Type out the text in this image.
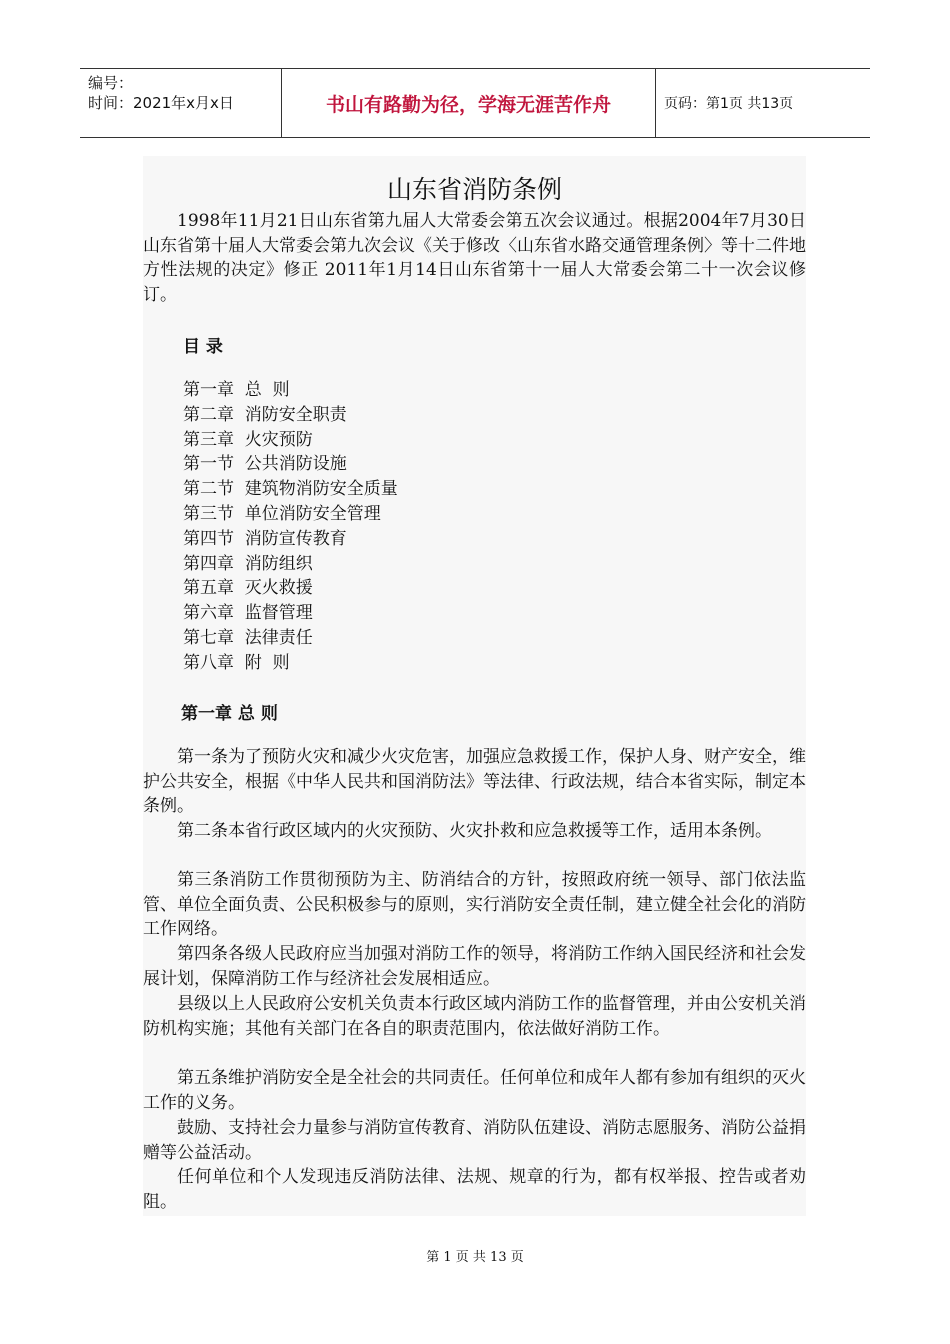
编号：
时间：2021年x月x日	书山有路勤为径，学海无涯苦作舟	页码：第1页 共13页
山东省消防条例

1998年11月21日山东省第九届人大常委会第五次会议通过。根据2004年7月30日山东省第十届人大常委会第九次会议《关于修改〈山东省水路交通管理条例〉等十二件地方性法规的决定》修正 2011年1月14日山东省第十一届人大常委会第二十一次会议修订。

目 录
第一章  总  则
第二章  消防安全职责
第三章  火灾预防
第一节  公共消防设施
第二节  建筑物消防安全质量
第三节  单位消防安全管理
第四节  消防宣传教育
第四章  消防组织
第五章  灭火救援
第六章  监督管理
第七章  法律责任
第八章  附  则
第一章 总 则

第一条为了预防火灾和减少火灾危害，加强应急救援工作，保护人身、财产安全，维护公共安全，根据《中华人民共和国消防法》等法律、行政法规，结合本省实际，制定本条例。

第二条本省行政区域内的火灾预防、火灾扑救和应急救援等工作，适用本条例。

第三条消防工作贯彻预防为主、防消结合的方针，按照政府统一领导、部门依法监管、单位全面负责、公民积极参与的原则，实行消防安全责任制，建立健全社会化的消防工作网络。

第四条各级人民政府应当加强对消防工作的领导，将消防工作纳入国民经济和社会发展计划，保障消防工作与经济社会发展相适应。

县级以上人民政府公安机关负责本行政区域内消防工作的监督管理，并由公安机关消防机构实施；其他有关部门在各自的职责范围内，依法做好消防工作。

第五条维护消防安全是全社会的共同责任。任何单位和成年人都有参加有组织的灭火工作的义务。

鼓励、支持社会力量参与消防宣传教育、消防队伍建设、消防志愿服务、消防公益捐赠等公益活动。

任何单位和个人发现违反消防法律、法规、规章的行为，都有权举报、控告或者劝阻。

第 1 页 共 13 页
